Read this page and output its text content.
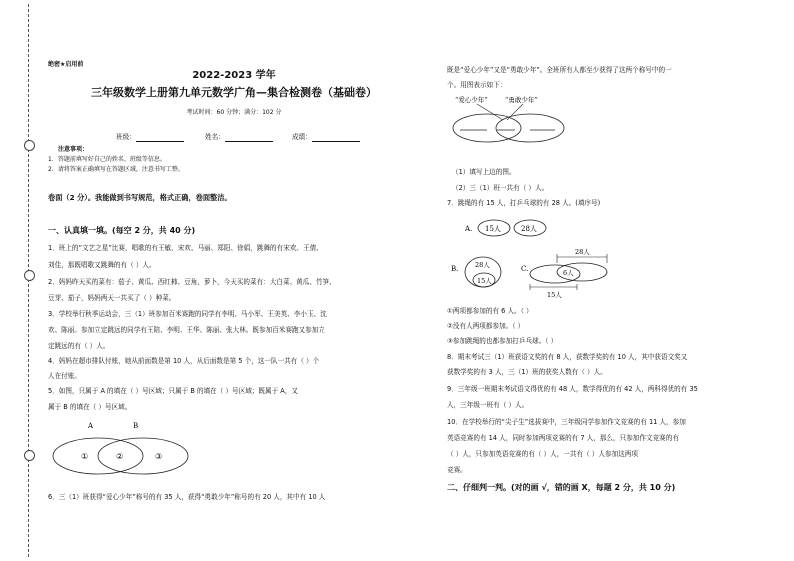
绝密★启用前
2022-2023 学年
三年级数学上册第九单元数学广角—集合检测卷（基础卷）
考试时间：60 分钟；满分：102 分
班级：	姓名：	成绩：
注意事项：
1．答题前填写好自己的姓名、班级等信息。
2．请将答案正确填写在答题区域，注意书写工整。
卷面（2 分）。我能做到书写规范，格式正确，卷面整洁。
一、认真填一填。(每空 2 分，共 40 分)
1．班上的“文艺之星”比赛，唱歌的有王敏、宋欢、马丽、郑阳、徐娟，跳舞的有宋欢、王倩、
刘佳，那既唱歌又跳舞的有（ ）人。
2．妈妈昨天买的菜有：茄子、黄瓜、西红柿、豆角，萝卜，今天买的菜有：大白菜、黄瓜、竹笋、
豆芽、茄子，妈妈两天一共买了（ ）种菜。
3．学校举行秋季运动会，三（1）班参加百米赛跑的同学有李明、马小军、王美英、李小玉、沈
欢、陈丽。参加立定跳远的同学有王陪、李明、王华、陈丽、张大林。既参加百米赛跑又参加立
定跳远的有（ ）人。
4．妈妈在超市排队付账，她从前面数是第 10 人，从后面数是第 5 个，这一队一共有（ ）个
人在付账。
5．如图，只属于 A 的填在（ ）号区域；只属于 B 的填在（ ）号区域；既属于 A，又
属于 B 的填在（ ）号区域。
A	B
①	②	③
6．三（1）班获得“爱心少年”称号的有 35 人，获得“勇敢少年”称号的有 20 人，其中有 10 人
既是“爱心少年”又是“勇敢少年”。全班所有人都至少获得了这两个称号中的一
个。用图表示如下：
“爱心少年”	“勇敢少年”
（1）填写上边的图。
（2）三（1）班一共有（ ）人。
7．跳绳的有 15 人，打乒乓球的有 28 人。(填序号)
A. 15人	28人
B.	28人
15人
C.
28人
6人
15人
①两项都参加的有 6 人。（ ）
②没有人两项都参加。（ ）
③参加跳绳的也都参加打乒乓球。（ ）
8．期末考试三（1）班获语文奖的有 8 人，获数学奖的有 10 人，其中获语文奖又
获数学奖的有 3 人，三（1）班的获奖人数有（ ）人。
9．三年级一班期末考试语文得优的有 48 人，数学得优的有 42 人，两科得优的有 35
人，三年级一班有（ ）人。
10．在学校举行的“尖子生”选拔赛中，三年级同学参加作文竞赛的有 11 人，参加
英语竞赛的有 14 人，同时参加两项竞赛的有 7 人，那么，只参加作文竞赛的有
（ ）人，只参加英语竞赛的有（ ）人，一共有（ ）人参加这两项
竞赛。
二、仔细判一判。(对的画 √，错的画 X，每题 2 分，共 10 分)
